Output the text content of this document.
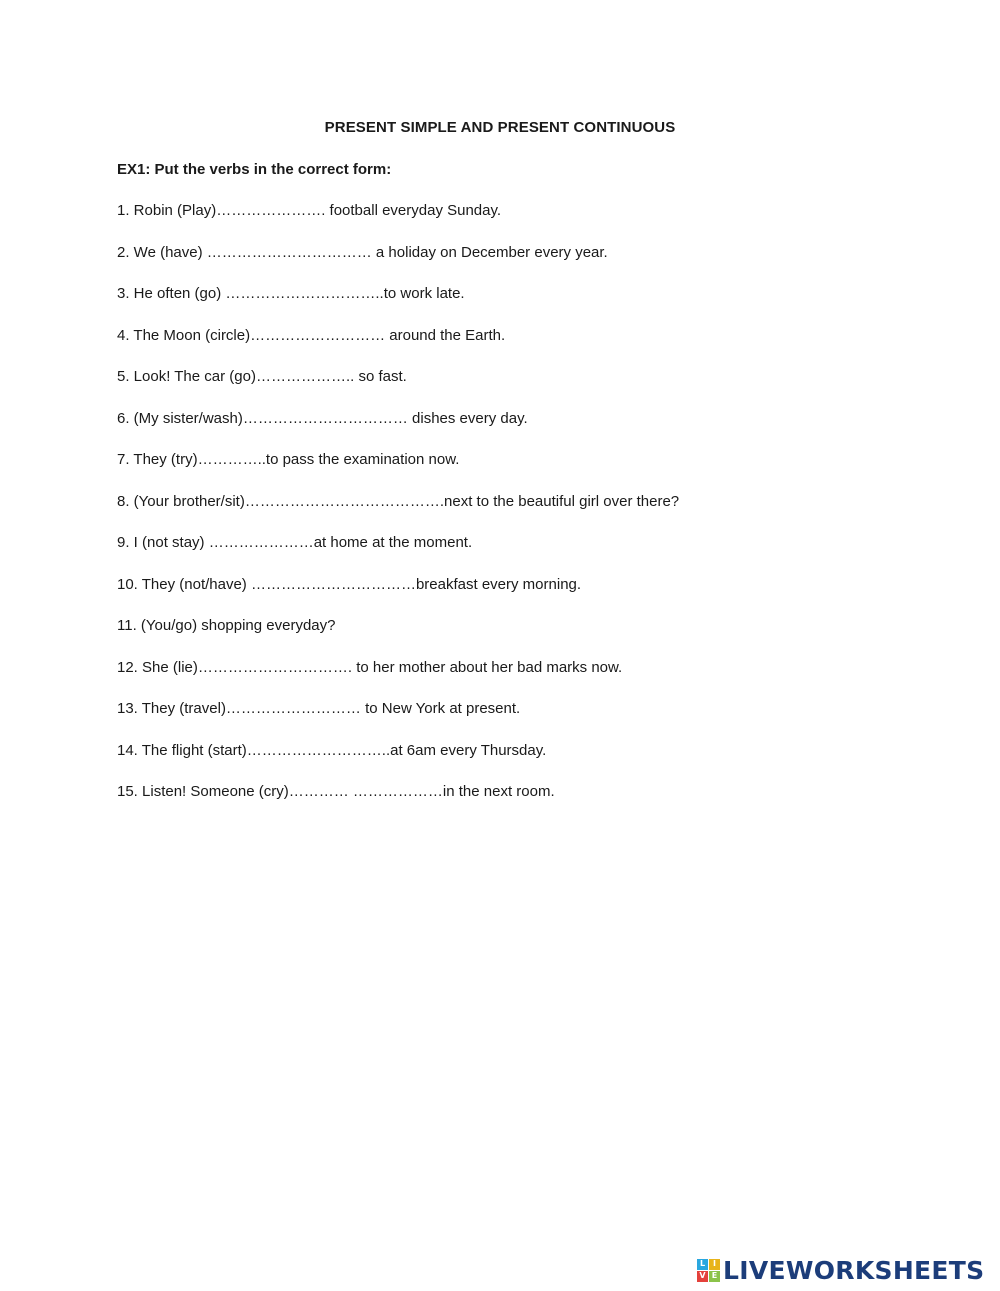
PRESENT SIMPLE AND PRESENT CONTINUOUS
EX1: Put the verbs in the correct form:
1. Robin (Play)…………………. football everyday Sunday.
2. We (have) …………………………… a holiday on December every year.
3. He often (go) …………………………..to work late.
4. The Moon (circle)……………………… around the Earth.
5. Look! The car (go)……………….. so fast.
6. (My sister/wash)…………………………… dishes every day.
7. They (try)…………..to pass the examination now.
8. (Your brother/sit)………………………………….next to the beautiful girl over there?
9. I (not stay) …………………at home at the moment.
10. They (not/have) ……………………………breakfast every morning.
11. (You/go) shopping everyday?
12. She (lie)…………………………. to her mother about her bad marks now.
13. They (travel)……………………… to New York at present.
14. The flight (start)………………………..at 6am every Thursday.
15. Listen! Someone (cry)………… ………………in the next room.
L I
V E LIVEWORKSHEETS
